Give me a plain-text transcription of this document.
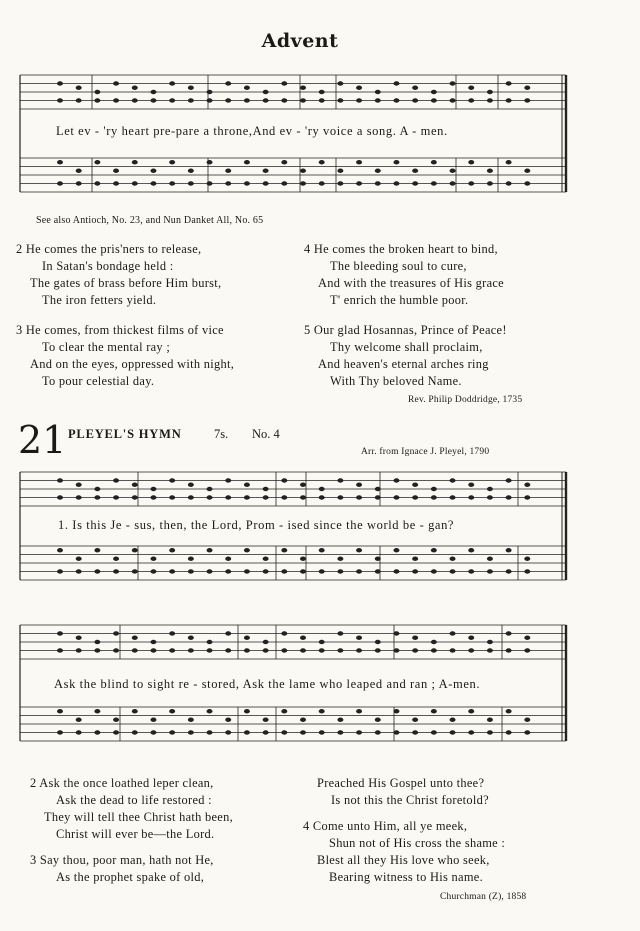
Advent
Let ev - 'ry heart pre-pare a throne,And ev - 'ry voice a song. A - men.
See also Antioch, No. 23, and Nun Danket All, No. 65
2 He comes the pris'ners to release,
In Satan's bondage held :
The gates of brass before Him burst,
The iron fetters yield.
3 He comes, from thickest films of vice
To clear the mental ray ;
And on the eyes, oppressed with night,
To pour celestial day.
4 He comes the broken heart to bind,
The bleeding soul to cure,
And with the treasures of His grace
T' enrich the humble poor.
5 Our glad Hosannas, Prince of Peace!
Thy welcome shall proclaim,
And heaven's eternal arches ring
With Thy beloved Name.
Rev. Philip Doddridge, 1735
21 PLEYEL'S HYMN	7s. No. 4
Arr. from Ignace J. Pleyel, 1790
1. Is this Je - sus, then, the Lord, Prom - ised since the world be - gan?
Ask the blind to sight re - stored, Ask the lame who leaped and ran ; A-men.
2 Ask the once loathed leper clean,
Ask the dead to life restored :
They will tell thee Christ hath been,
Christ will ever be—the Lord.
3 Say thou, poor man, hath not He,
As the prophet spake of old,
Preached His Gospel unto thee?
Is not this the Christ foretold?
4 Come unto Him, all ye meek,
Shun not of His cross the shame :
Blest all they His love who seek,
Bearing witness to His name.
Churchman (Z), 1858
